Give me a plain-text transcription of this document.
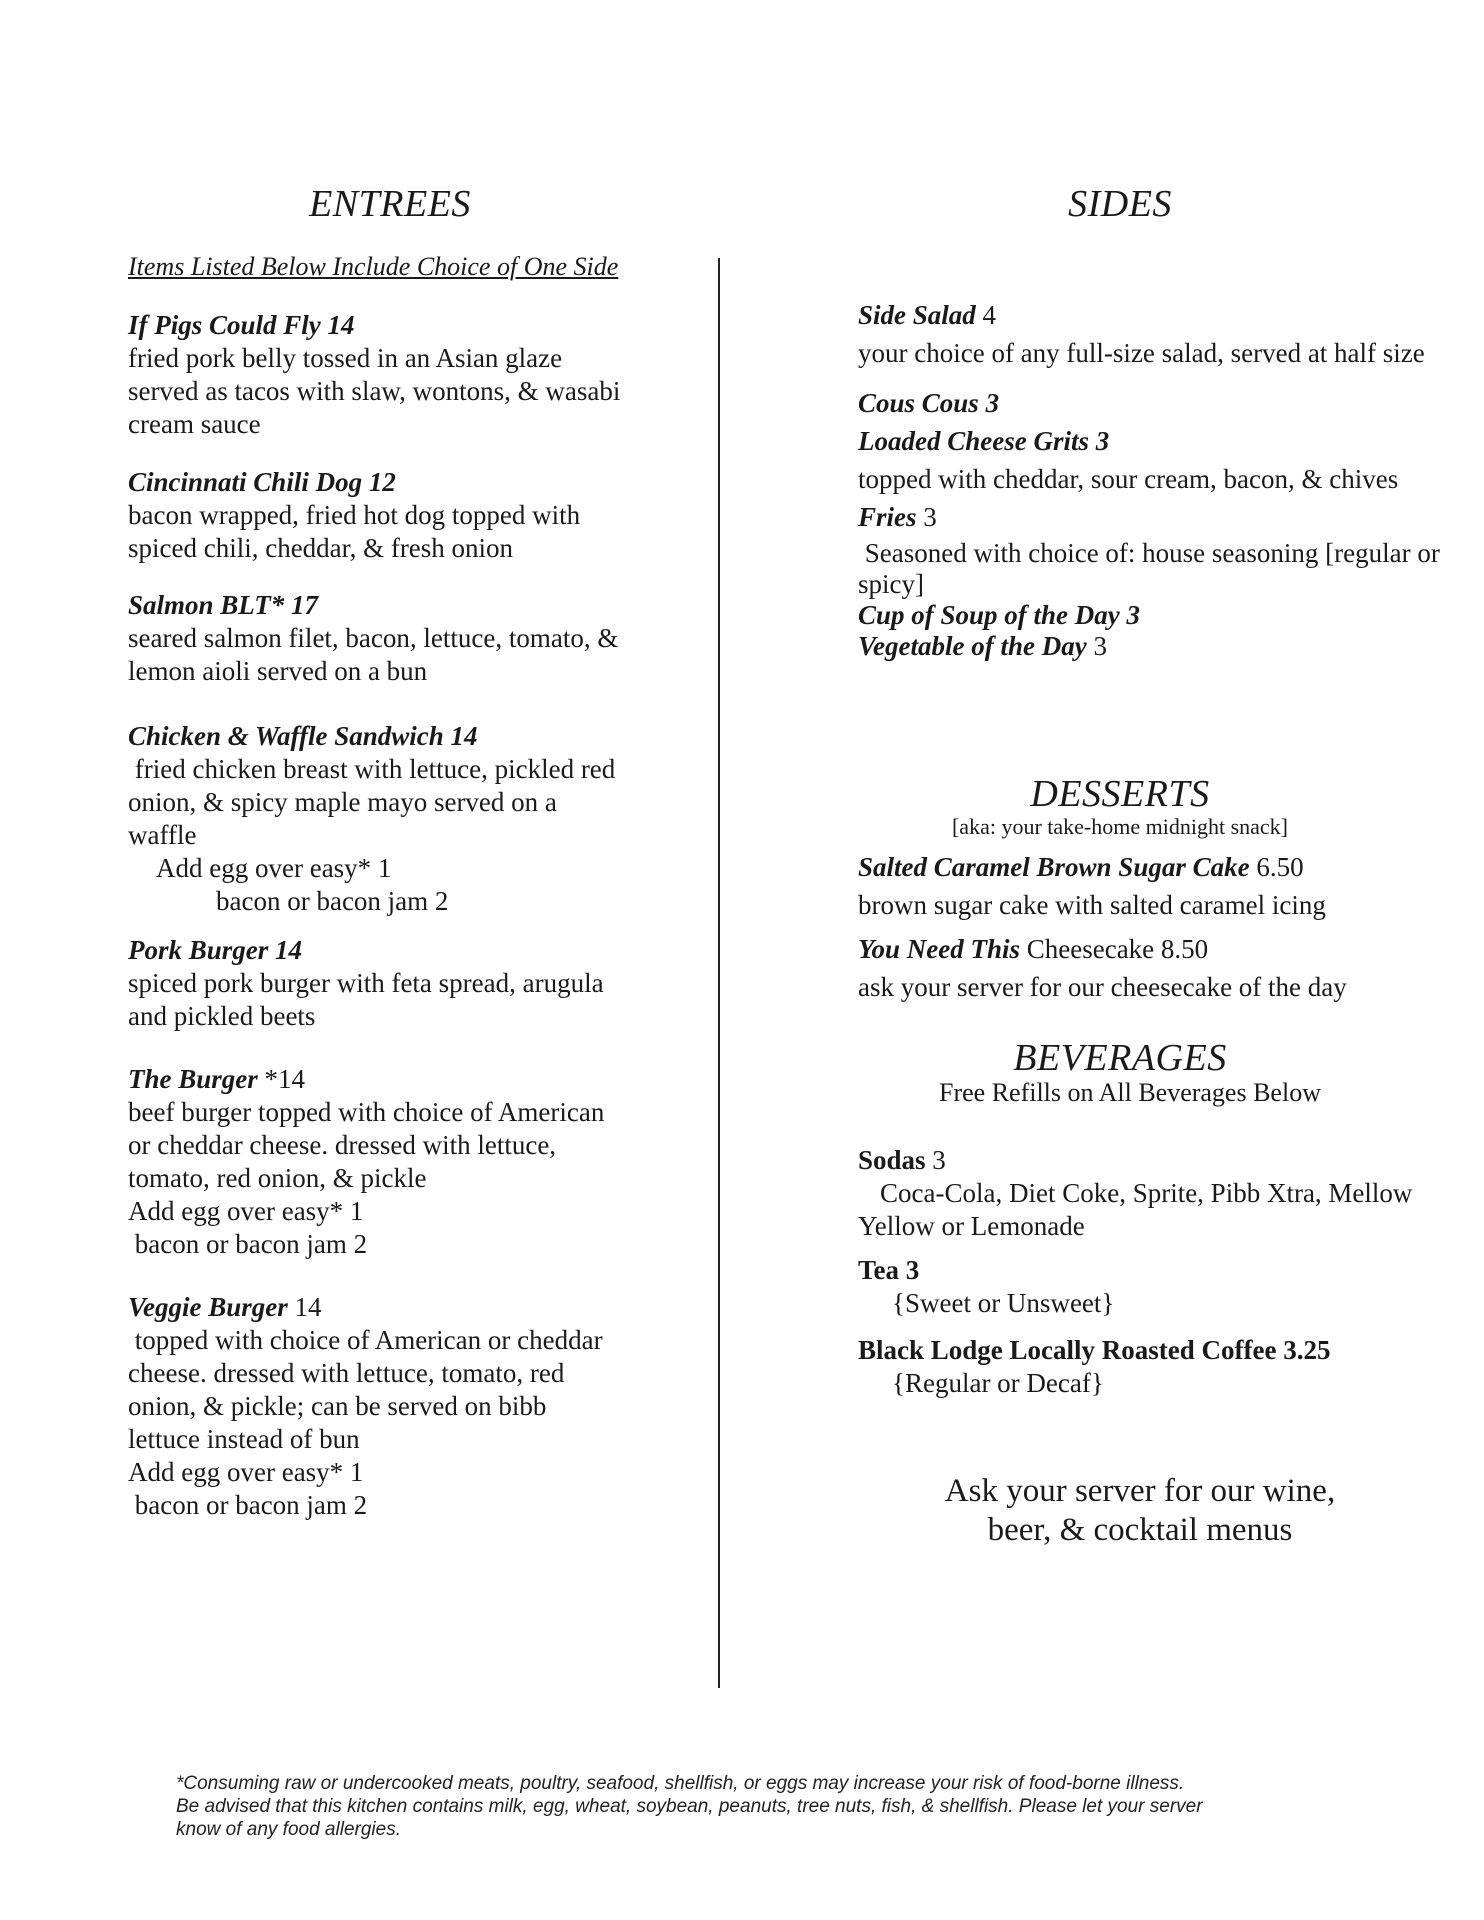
ENTREES
Items Listed Below Include Choice of One Side
If Pigs Could Fly 14
fried pork belly tossed in an Asian glaze
served as tacos with slaw, wontons, & wasabi
cream sauce
Cincinnati Chili Dog 12
bacon wrapped, fried hot dog topped with
spiced chili, cheddar, & fresh onion
Salmon BLT* 17
seared salmon filet, bacon, lettuce, tomato, &
lemon aioli served on a bun
Chicken & Waffle Sandwich 14
fried chicken breast with lettuce, pickled red
onion, & spicy maple mayo served on a
waffle
Add egg over easy* 1
bacon or bacon jam 2
Pork Burger 14
spiced pork burger with feta spread, arugula
and pickled beets
The Burger *14
beef burger topped with choice of American
or cheddar cheese. dressed with lettuce,
tomato, red onion, & pickle
Add egg over easy* 1
bacon or bacon jam 2
Veggie Burger 14
topped with choice of American or cheddar
cheese. dressed with lettuce, tomato, red
onion, & pickle; can be served on bibb
lettuce instead of bun
Add egg over easy* 1
bacon or bacon jam 2
SIDES
Side Salad 4
your choice of any full-size salad, served at half size
Cous Cous 3
Loaded Cheese Grits 3
topped with cheddar, sour cream, bacon, & chives
Fries 3
Seasoned with choice of: house seasoning [regular or spicy]
Cup of Soup of the Day 3
Vegetable of the Day 3
DESSERTS
[aka: your take-home midnight snack]
Salted Caramel Brown Sugar Cake 6.50
brown sugar cake with salted caramel icing
You Need This Cheesecake 8.50
ask your server for our cheesecake of the day
BEVERAGES
Free Refills on All Beverages Below
Sodas 3
Coca-Cola, Diet Coke, Sprite, Pibb Xtra, Mellow Yellow or Lemonade
Tea 3
{Sweet or Unsweet}
Black Lodge Locally Roasted Coffee 3.25
{Regular or Decaf}
Ask your server for our wine,
beer, & cocktail menus
*Consuming raw or undercooked meats, poultry, seafood, shellfish, or eggs may increase your risk of food-borne illness.
Be advised that this kitchen contains milk, egg, wheat, soybean, peanuts, tree nuts, fish, & shellfish. Please let your server
know of any food allergies.
